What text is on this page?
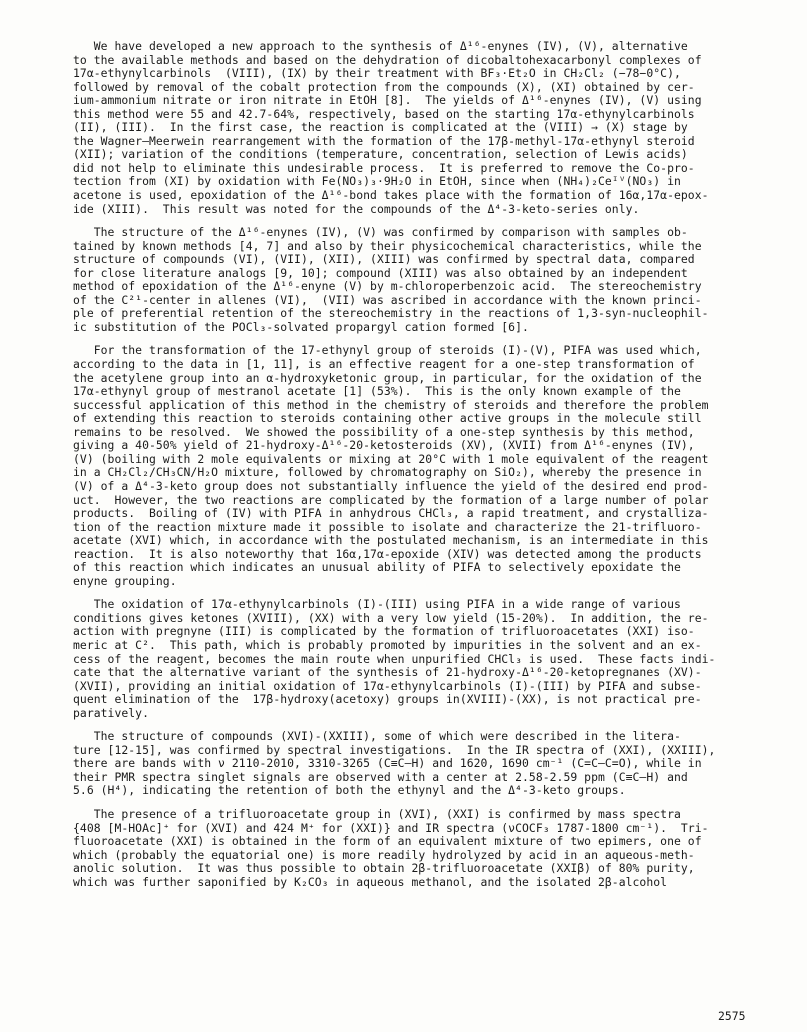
We have developed a new approach to the synthesis of Δ¹⁶-enynes (IV), (V), alternative
to the available methods and based on the dehydration of dicobaltohexacarbonyl complexes of
17α-ethynylcarbinols  (VIII), (IX) by their treatment with BF₃·Et₂O in CH₂Cl₂ (−78−0°C),
followed by removal of the cobalt protection from the compounds (X), (XI) obtained by cer-
ium-ammonium nitrate or iron nitrate in EtOH [8].  The yields of Δ¹⁶-enynes (IV), (V) using
this method were 55 and 42.7-64%, respectively, based on the starting 17α-ethynylcarbinols
(II), (III).  In the first case, the reaction is complicated at the (VIII) → (X) stage by
the Wagner—Meerwein rearrangement with the formation of the 17β-methyl-17α-ethynyl steroid
(XII); variation of the conditions (temperature, concentration, selection of Lewis acids)
did not help to eliminate this undesirable process.  It is preferred to remove the Co-pro-
tection from (XI) by oxidation with Fe(NO₃)₃·9H₂O in EtOH, since when (NH₄)₂Ceᴵⱽ(NO₃) in
acetone is used, epoxidation of the Δ¹⁶-bond takes place with the formation of 16α,17α-epox-
ide (XIII).  This result was noted for the compounds of the Δ⁴-3-keto-series only.
The structure of the Δ¹⁶-enynes (IV), (V) was confirmed by comparison with samples ob-
tained by known methods [4, 7] and also by their physicochemical characteristics, while the
structure of compounds (VI), (VII), (XII), (XIII) was confirmed by spectral data, compared
for close literature analogs [9, 10]; compound (XIII) was also obtained by an independent
method of epoxidation of the Δ¹⁶-enyne (V) by m-chloroperbenzoic acid.  The stereochemistry
of the C²¹-center in allenes (VI),  (VII) was ascribed in accordance with the known princi-
ple of preferential retention of the stereochemistry in the reactions of 1,3-syn-nucleophil-
ic substitution of the POCl₃-solvated propargyl cation formed [6].
For the transformation of the 17-ethynyl group of steroids (I)-(V), PIFA was used which,
according to the data in [1, 11], is an effective reagent for a one-step transformation of
the acetylene group into an α-hydroxyketonic group, in particular, for the oxidation of the
17α-ethynyl group of mestranol acetate [1] (53%).  This is the only known example of the
successful application of this method in the chemistry of steroids and therefore the problem
of extending this reaction to steroids containing other active groups in the molecule still
remains to be resolved.  We showed the possibility of a one-step synthesis by this method,
giving a 40-50% yield of 21-hydroxy-Δ¹⁶-20-ketosteroids (XV), (XVII) from Δ¹⁶-enynes (IV),
(V) (boiling with 2 mole equivalents or mixing at 20°C with 1 mole equivalent of the reagent
in a CH₂Cl₂/CH₃CN/H₂O mixture, followed by chromatography on SiO₂), whereby the presence in
(V) of a Δ⁴-3-keto group does not substantially influence the yield of the desired end prod-
uct.  However, the two reactions are complicated by the formation of a large number of polar
products.  Boiling of (IV) with PIFA in anhydrous CHCl₃, a rapid treatment, and crystalliza-
tion of the reaction mixture made it possible to isolate and characterize the 21-trifluoro-
acetate (XVI) which, in accordance with the postulated mechanism, is an intermediate in this
reaction.  It is also noteworthy that 16α,17α-epoxide (XIV) was detected among the products
of this reaction which indicates an unusual ability of PIFA to selectively epoxidate the
enyne grouping.
The oxidation of 17α-ethynylcarbinols (I)-(III) using PIFA in a wide range of various
conditions gives ketones (XVIII), (XX) with a very low yield (15-20%).  In addition, the re-
action with pregnyne (III) is complicated by the formation of trifluoroacetates (XXI) iso-
meric at C².  This path, which is probably promoted by impurities in the solvent and an ex-
cess of the reagent, becomes the main route when unpurified CHCl₃ is used.  These facts indi-
cate that the alternative variant of the synthesis of 21-hydroxy-Δ¹⁶-20-ketopregnanes (XV)-
(XVII), providing an initial oxidation of 17α-ethynylcarbinols (I)-(III) by PIFA and subse-
quent elimination of the  17β-hydroxy(acetoxy) groups in(XVIII)-(XX), is not practical pre-
paratively.
The structure of compounds (XVI)-(XXIII), some of which were described in the litera-
ture [12-15], was confirmed by spectral investigations.  In the IR spectra of (XXI), (XXIII),
there are bands with ν 2110-2010, 3310-3265 (C≡C—H) and 1620, 1690 cm⁻¹ (C=C—C=O), while in
their PMR spectra singlet signals are observed with a center at 2.58-2.59 ppm (C≡C—H) and
5.6 (H⁴), indicating the retention of both the ethynyl and the Δ⁴-3-keto groups.
The presence of a trifluoroacetate group in (XVI), (XXI) is confirmed by mass spectra
{408 [M-HOAc]⁺ for (XVI) and 424 M⁺ for (XXI)} and IR spectra (νCOCF₃ 1787-1800 cm⁻¹).  Tri-
fluoroacetate (XXI) is obtained in the form of an equivalent mixture of two epimers, one of
which (probably the equatorial one) is more readily hydrolyzed by acid in an aqueous-meth-
anolic solution.  It was thus possible to obtain 2β-trifluoroacetate (XXIβ) of 80% purity,
which was further saponified by K₂CO₃ in aqueous methanol, and the isolated 2β-alcohol
2575
